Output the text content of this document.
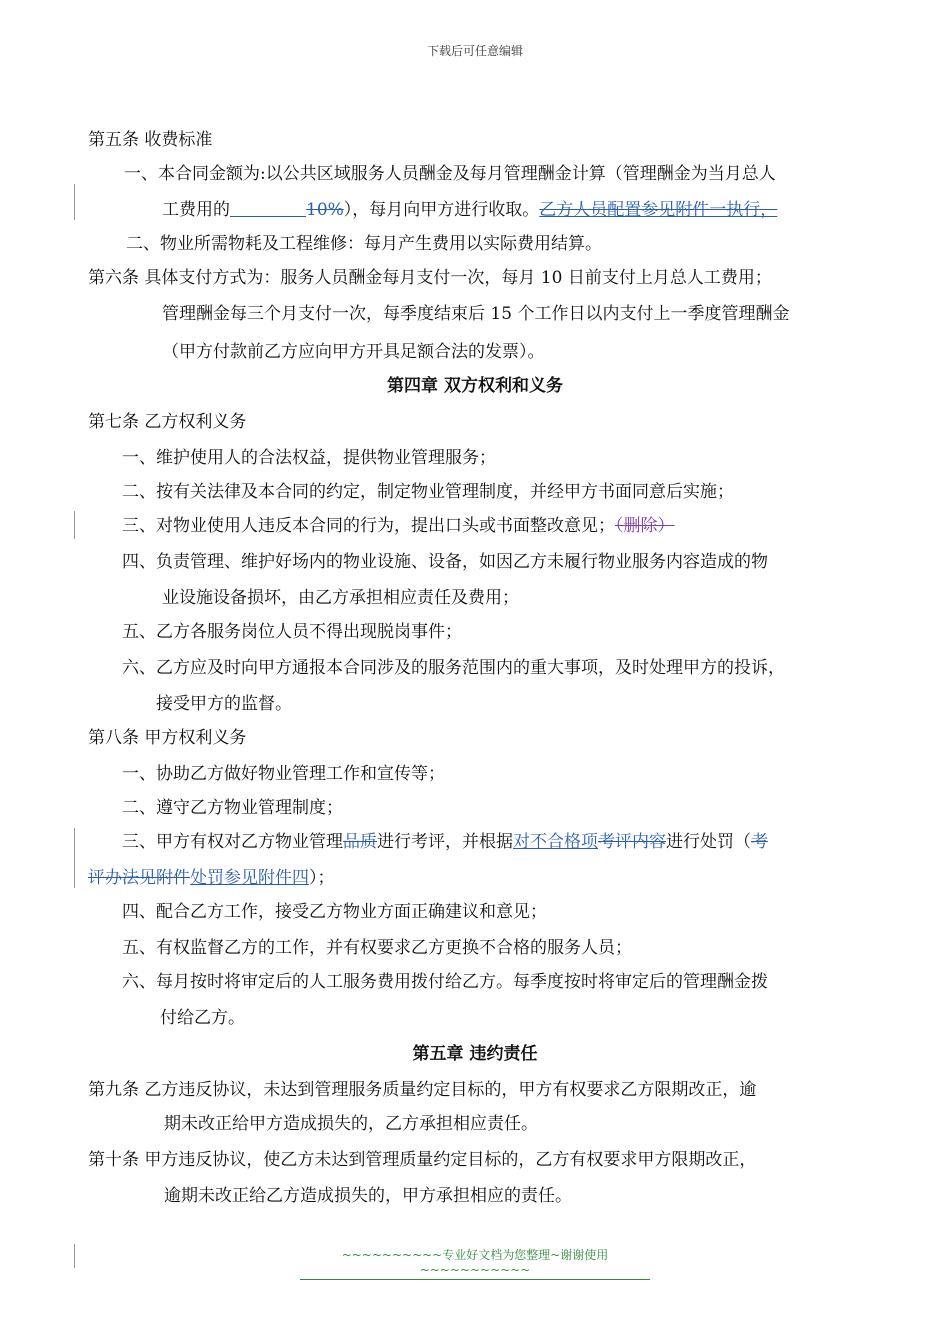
下载后可任意编辑
第五条 收费标准
一、本合同金额为:以公共区域服务人员酬金及每月管理酬金计算（管理酬金为当月总人
工费用的	10%），每月向甲方进行收取。乙方人员配置参见附件一执行，
二、物业所需物耗及工程维修：每月产生费用以实际费用结算。
第六条 具体支付方式为：服务人员酬金每月支付一次，每月 10 日前支付上月总人工费用；
管理酬金每三个月支付一次，每季度结束后 15 个工作日以内支付上一季度管理酬金
（甲方付款前乙方应向甲方开具足额合法的发票）。
第四章 双方权利和义务
第七条 乙方权利义务
一、维护使用人的合法权益，提供物业管理服务；
二、按有关法律及本合同的约定，制定物业管理制度，并经甲方书面同意后实施；
三、对物业使用人违反本合同的行为，提出口头或书面整改意见；（删除）
四、负责管理、维护好场内的物业设施、设备，如因乙方未履行物业服务内容造成的物
业设施设备损坏，由乙方承担相应责任及费用；
五、乙方各服务岗位人员不得出现脱岗事件；
六、乙方应及时向甲方通报本合同涉及的服务范围内的重大事项，及时处理甲方的投诉，
接受甲方的监督。
第八条 甲方权利义务
一、协助乙方做好物业管理工作和宣传等；
二、遵守乙方物业管理制度；
三、甲方有权对乙方物业管理品质进行考评，并根据对不合格项考评内容进行处罚（考
评办法见附件处罚参见附件四）；
四、配合乙方工作，接受乙方物业方面正确建议和意见；
五、有权监督乙方的工作，并有权要求乙方更换不合格的服务人员；
六、每月按时将审定后的人工服务费用拨付给乙方。每季度按时将审定后的管理酬金拨
付给乙方。
第五章 违约责任
第九条 乙方违反协议，未达到管理服务质量约定目标的，甲方有权要求乙方限期改正，逾
期未改正给甲方造成损失的，乙方承担相应责任。
第十条 甲方违反协议，使乙方未达到管理质量约定目标的，乙方有权要求甲方限期改正，
逾期未改正给乙方造成损失的，甲方承担相应的责任。
~~~~~~~~~~专业好文档为您整理~谢谢使用~~~~~~~~~~~
